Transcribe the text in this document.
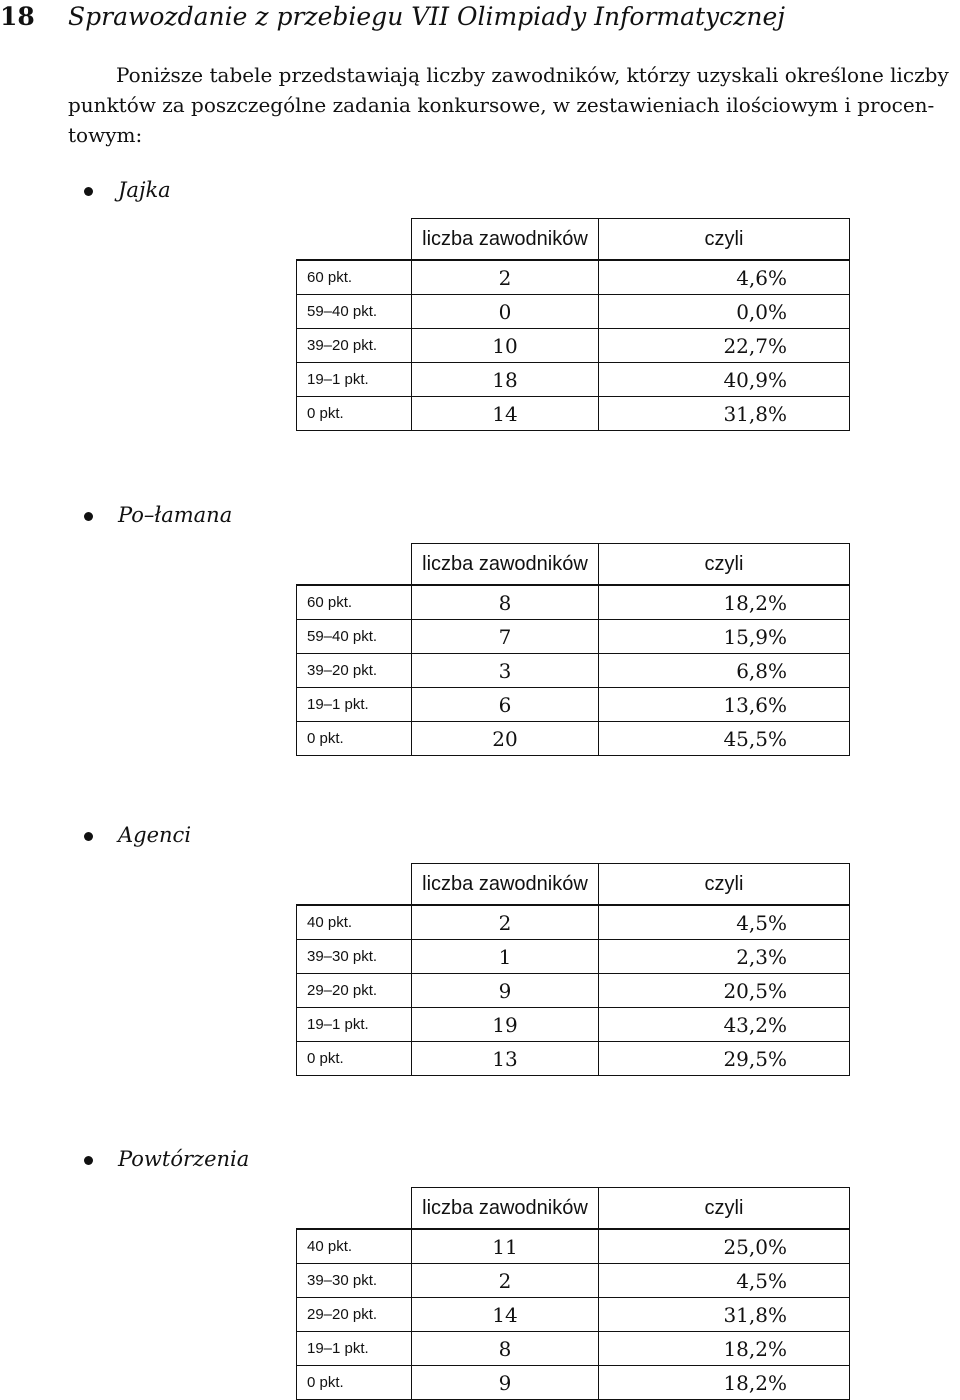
18 Sprawozdanie z przebiegu VII Olimpiady Informatycznej
Poniższe tabele przedstawiają liczby zawodników, którzy uzyskali określone liczby
punktów za poszczególne zadania konkursowe, w zestawieniach ilościowym i procen-
towym:
Jajka
	liczba zawodników	czyli
60 pkt.	2	4,6%
59–40 pkt.	0	0,0%
39–20 pkt.	10	22,7%
19–1 pkt.	18	40,9%
0 pkt.	14	31,8%
Po–łamana
	liczba zawodników	czyli
60 pkt.	8	18,2%
59–40 pkt.	7	15,9%
39–20 pkt.	3	6,8%
19–1 pkt.	6	13,6%
0 pkt.	20	45,5%
Agenci
	liczba zawodników	czyli
40 pkt.	2	4,5%
39–30 pkt.	1	2,3%
29–20 pkt.	9	20,5%
19–1 pkt.	19	43,2%
0 pkt.	13	29,5%
Powtórzenia
	liczba zawodników	czyli
40 pkt.	11	25,0%
39–30 pkt.	2	4,5%
29–20 pkt.	14	31,8%
19–1 pkt.	8	18,2%
0 pkt.	9	18,2%
